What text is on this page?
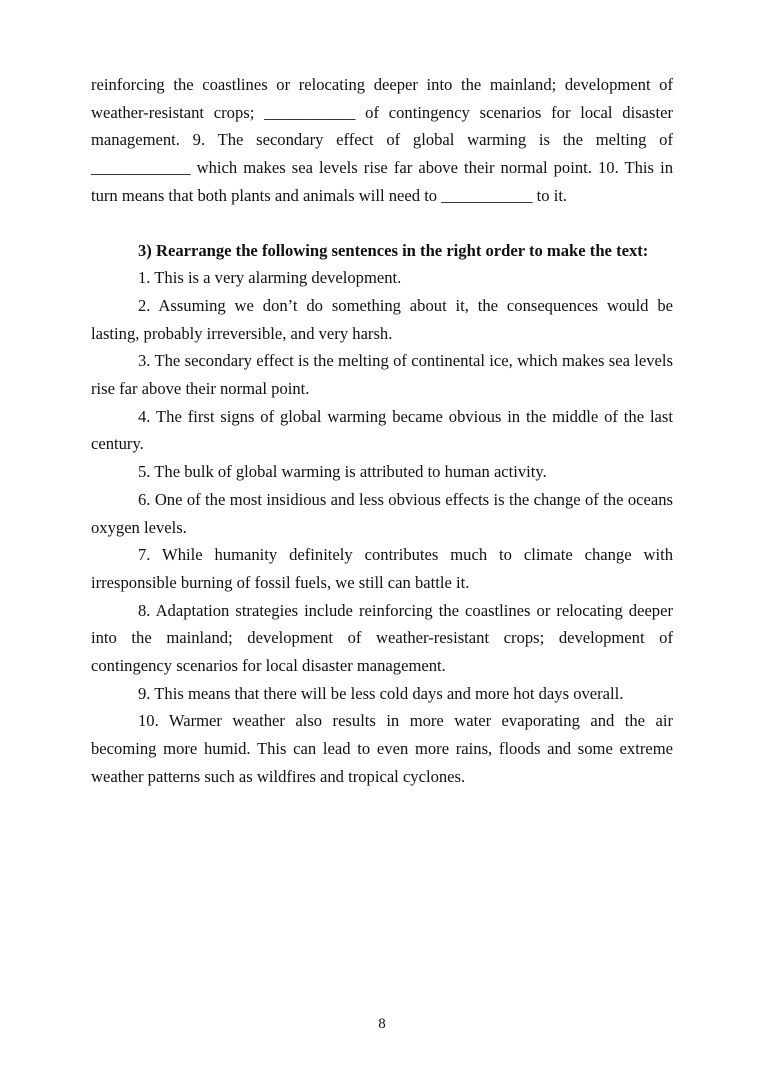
reinforcing the coastlines or relocating deeper into the mainland; development of weather-resistant crops; ___________ of contingency scenarios for local disaster management. 9. The secondary effect of global warming is the melting of ____________ which makes sea levels rise far above their normal point. 10. This in turn means that both plants and animals will need to ___________ to it.

3) Rearrange the following sentences in the right order to make the text:

1. This is a very alarming development.

2. Assuming we don’t do something about it, the consequences would be lasting, probably irreversible, and very harsh.

3. The secondary effect is the melting of continental ice, which makes sea levels rise far above their normal point.

4. The first signs of global warming became obvious in the middle of the last century.

5. The bulk of global warming is attributed to human activity.

6. One of the most insidious and less obvious effects is the change of the oceans oxygen levels.

7. While humanity definitely contributes much to climate change with irresponsible burning of fossil fuels, we still can battle it.

8. Adaptation strategies include reinforcing the coastlines or relocating deeper into the mainland; development of weather-resistant crops; development of contingency scenarios for local disaster management.

9. This means that there will be less cold days and more hot days overall.

10. Warmer weather also results in more water evaporating and the air becoming more humid. This can lead to even more rains, floods and some extreme weather patterns such as wildfires and tropical cyclones.

8
